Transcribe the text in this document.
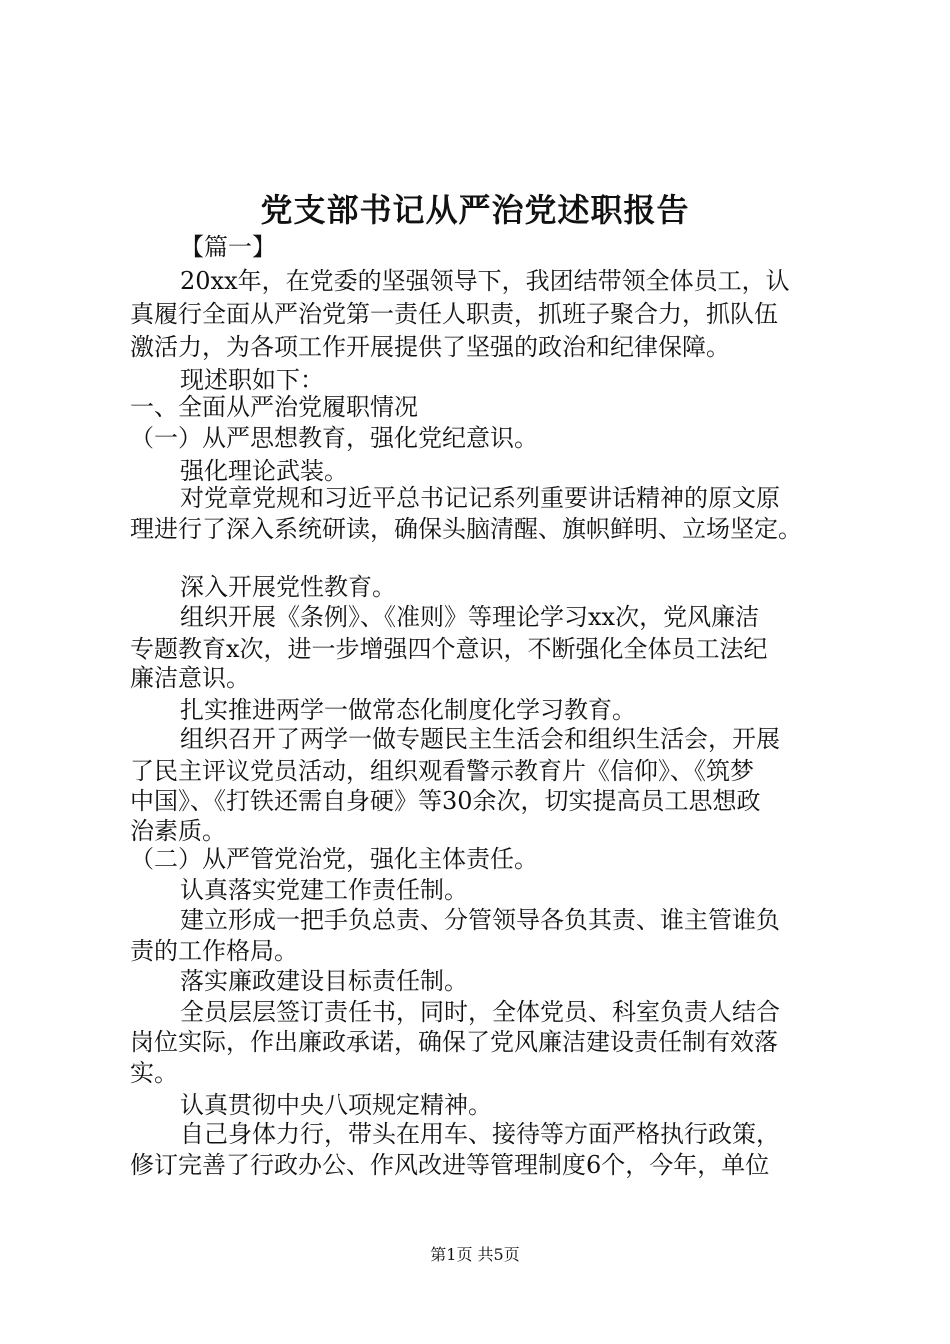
党支部书记从严治党述职报告
【篇一】
20xx年，在党委的坚强领导下，我团结带领全体员工，认
真履行全面从严治党第一责任人职责，抓班子聚合力，抓队伍
激活力，为各项工作开展提供了坚强的政治和纪律保障。
现述职如下：
一、全面从严治党履职情况
（一）从严思想教育，强化党纪意识。
强化理论武装。
对党章党规和习近平总书记记系列重要讲话精神的原文原
理进行了深入系统研读，确保头脑清醒、旗帜鲜明、立场坚定。
深入开展党性教育。
组织开展《条例》、《准则》等理论学习xx次，党风廉洁
专题教育x次，进一步增强四个意识，不断强化全体员工法纪
廉洁意识。
扎实推进两学一做常态化制度化学习教育。
组织召开了两学一做专题民主生活会和组织生活会，开展
了民主评议党员活动，组织观看警示教育片《信仰》、《筑梦
中国》、《打铁还需自身硬》等30余次，切实提高员工思想政
治素质。
（二）从严管党治党，强化主体责任。
认真落实党建工作责任制。
建立形成一把手负总责、分管领导各负其责、谁主管谁负
责的工作格局。
落实廉政建设目标责任制。
全员层层签订责任书，同时，全体党员、科室负责人结合
岗位实际，作出廉政承诺，确保了党风廉洁建设责任制有效落
实。
认真贯彻中央八项规定精神。
自己身体力行，带头在用车、接待等方面严格执行政策，
修订完善了行政办公、作风改进等管理制度6个，今年，单位
第1页 共5页
